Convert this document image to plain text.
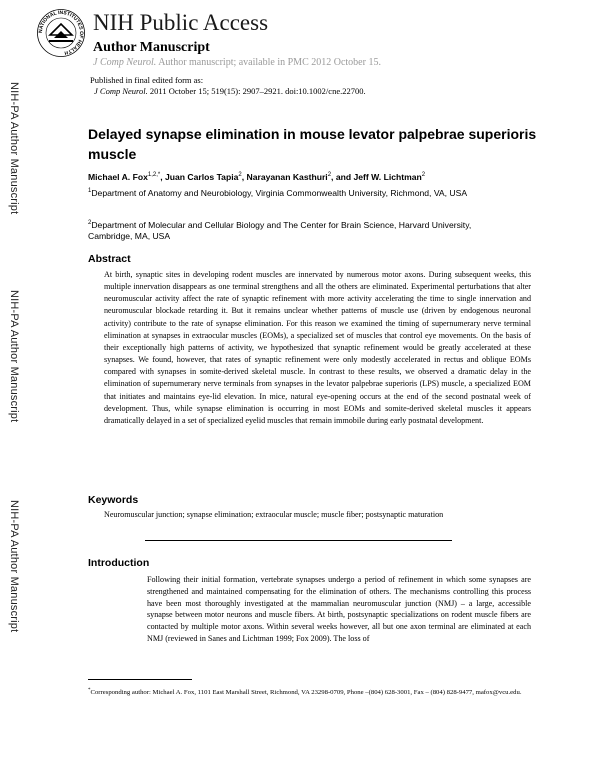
NATIONAL INSTITUTES OF HEALTH
NIH Public Access
Author Manuscript
J Comp Neurol. Author manuscript; available in PMC 2012 October 15.
NIH-PA Author Manuscript
NIH-PA Author Manuscript
NIH-PA Author Manuscript
Published in final edited form as:
J Comp Neurol. 2011 October 15; 519(15): 2907–2921. doi:10.1002/cne.22700.
Delayed synapse elimination in mouse levator palpebrae superioris muscle
Michael A. Fox$^{1,2,*}$, Juan Carlos Tapia$^2$, Narayanan Kasthuri$^2$, and Jeff W. Lichtman$^2$
$^1$Department of Anatomy and Neurobiology, Virginia Commonwealth University, Richmond, VA, USA
$^2$Department of Molecular and Cellular Biology and The Center for Brain Science, Harvard University, Cambridge, MA, USA
Abstract
At birth, synaptic sites in developing rodent muscles are innervated by numerous motor axons. During subsequent weeks, this multiple innervation disappears as one terminal strengthens and all the others are eliminated. Experimental perturbations that alter neuromuscular activity affect the rate of synaptic refinement with more activity accelerating the time to single innervation and neuromuscular blockade retarding it. But it remains unclear whether patterns of muscle use (driven by endogenous neuronal activity) contribute to the rate of synapse elimination. For this reason we examined the timing of supernumerary nerve terminal elimination at synapses in extraocular muscles (EOMs), a specialized set of muscles that control eye movements. On the basis of their exceptionally high patterns of activity, we hypothesized that synaptic refinement would be greatly accelerated at these synapses. We found, however, that rates of synaptic refinement were only modestly accelerated in rectus and oblique EOMs compared with synapses in somite-derived skeletal muscle. In contrast to these results, we observed a dramatic delay in the elimination of supernumerary nerve terminals from synapses in the levator palpebrae superioris (LPS) muscle, a specialized EOM that initiates and maintains eye-lid elevation. In mice, natural eye-opening occurs at the end of the second postnatal week of development. Thus, while synapse elimination is occurring in most EOMs and somite-derived skeletal muscles it appears dramatically delayed in a set of specialized eyelid muscles that remain immobile during early postnatal development.
Keywords
Neuromuscular junction; synapse elimination; extraocular muscle; muscle fiber; postsynaptic maturation
Introduction
Following their initial formation, vertebrate synapses undergo a period of refinement in which some synapses are strengthened and maintained compensating for the elimination of others. The mechanisms controlling this process have been most thoroughly investigated at the mammalian neuromuscular junction (NMJ) – a large, accessible synapse between motor neurons and muscle fibers. At birth, postsynaptic specializations on rodent muscle fibers are contacted by multiple motor axons. Within several weeks however, all but one axon terminal are eliminated at each NMJ (reviewed in Sanes and Lichtman 1999; Fox 2009). The loss of
*Corresponding author: Michael A. Fox, 1101 East Marshall Street, Richmond, VA 23298-0709, Phone –(804) 628-3001, Fax – (804) 828-9477, mafox@vcu.edu.
